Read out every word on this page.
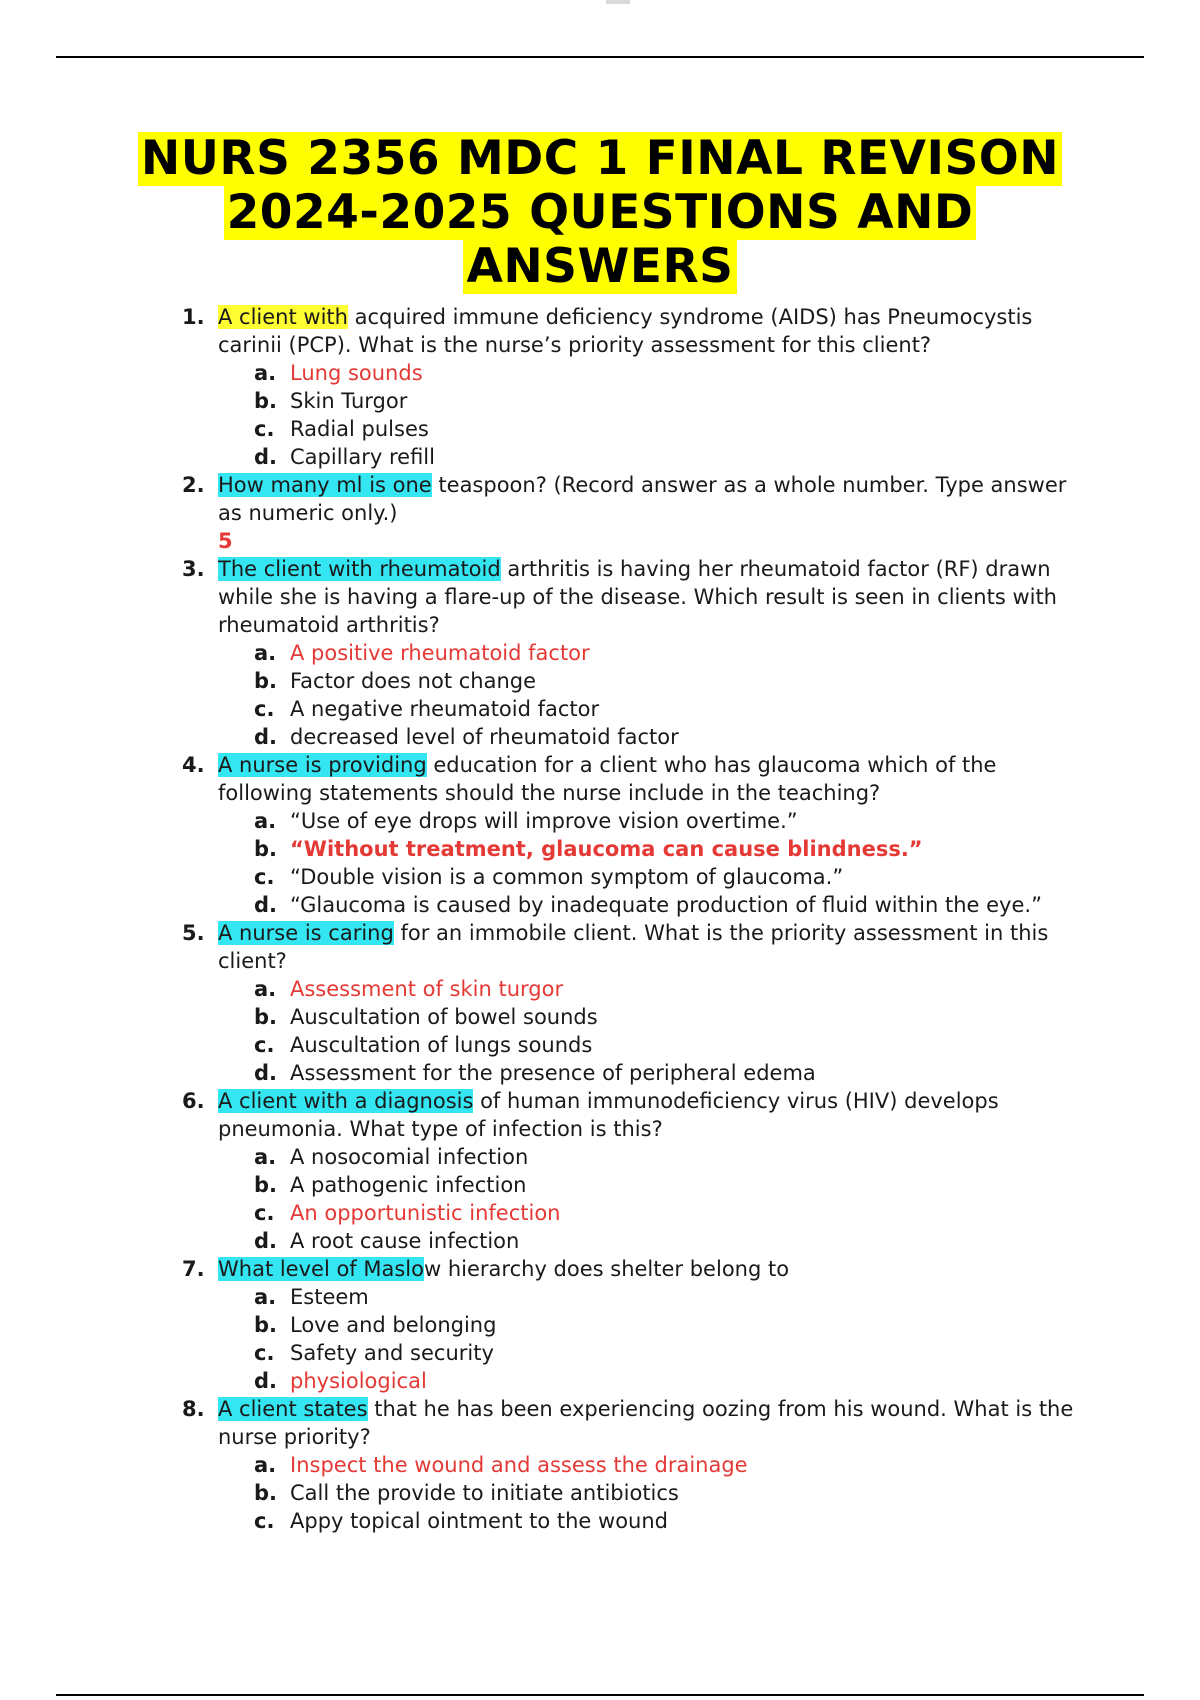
NURS 2356 MDC 1 FINAL REVISON
2024-2025 QUESTIONS AND
ANSWERS
1. A client with acquired immune deficiency syndrome (AIDS) has Pneumocystis carinii (PCP). What is the nurse’s priority assessment for this client?

a. Lung sounds
b. Skin Turgor
c. Radial pulses
d. Capillary refill
2. How many ml is one teaspoon? (Record answer as a whole number. Type answer as numeric only.)

5
3. The client with rheumatoid arthritis is having her rheumatoid factor (RF) drawn while she is having a flare-up of the disease. Which result is seen in clients with rheumatoid arthritis?

a. A positive rheumatoid factor
b. Factor does not change
c. A negative rheumatoid factor
d. decreased level of rheumatoid factor
4. A nurse is providing education for a client who has glaucoma which of the following statements should the nurse include in the teaching?

a. “Use of eye drops will improve vision overtime.”
b. “Without treatment, glaucoma can cause blindness.”
c. “Double vision is a common symptom of glaucoma.”
d. “Glaucoma is caused by inadequate production of fluid within the eye.”
5. A nurse is caring for an immobile client. What is the priority assessment in this client?

a. Assessment of skin turgor
b. Auscultation of bowel sounds
c. Auscultation of lungs sounds
d. Assessment for the presence of peripheral edema
6. A client with a diagnosis of human immunodeficiency virus (HIV) develops pneumonia. What type of infection is this?

a. A nosocomial infection
b. A pathogenic infection
c. An opportunistic infection
d. A root cause infection
7. What level of Maslow hierarchy does shelter belong to

a. Esteem
b. Love and belonging
c. Safety and security
d. physiological
8. A client states that he has been experiencing oozing from his wound. What is the nurse priority?

a. Inspect the wound and assess the drainage
b. Call the provide to initiate antibiotics
c. Appy topical ointment to the wound
